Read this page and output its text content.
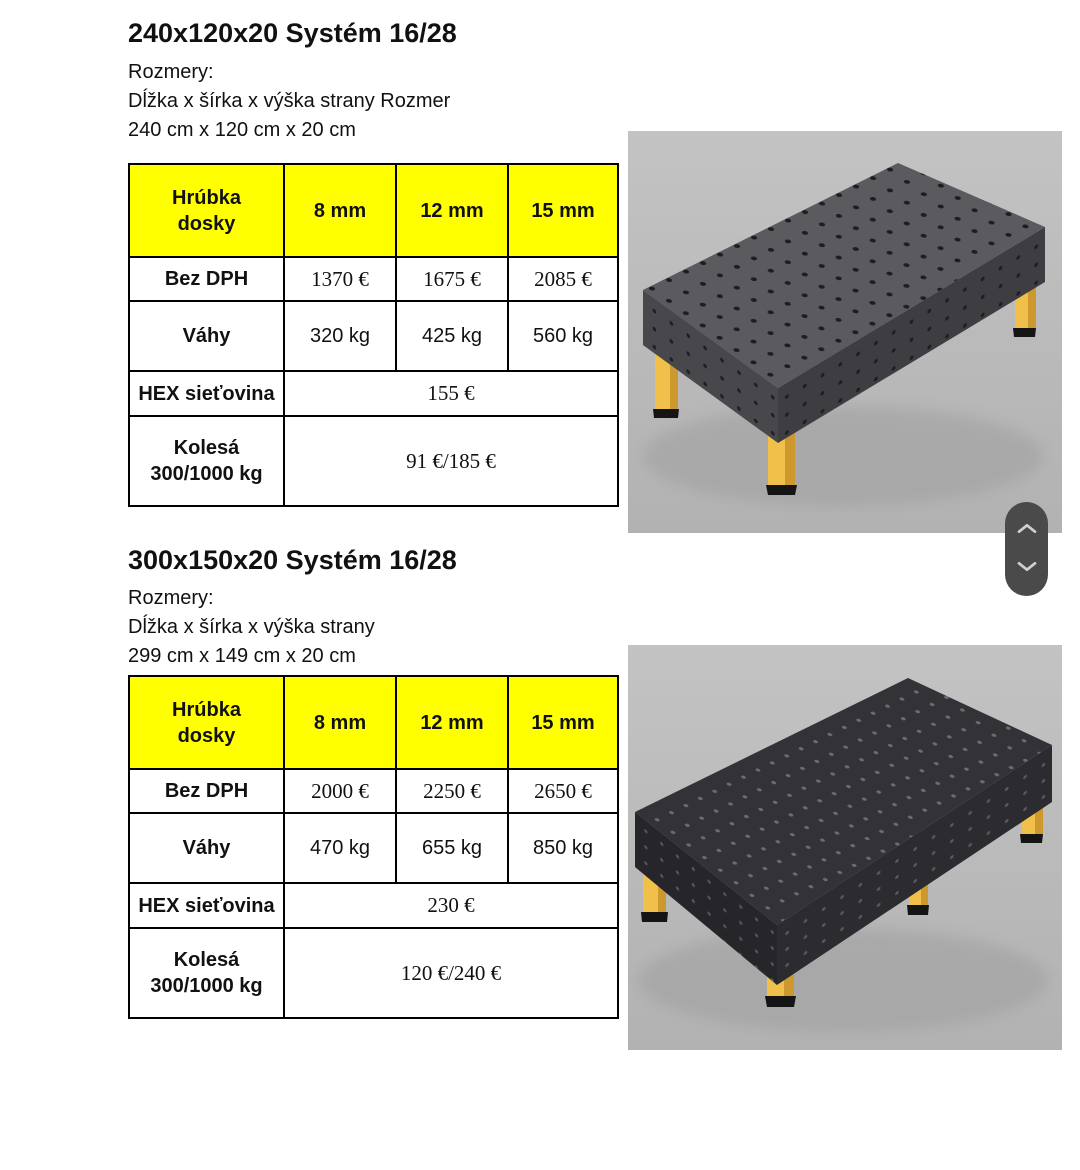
240x120x20 Systém 16/28
Rozmery:
Dĺžka x šírka x výška strany Rozmer
240 cm x 120 cm x 20 cm
Hrúbka
dosky	8 mm	12 mm	15 mm
Bez DPH	1370 €	1675 €	2085 €
Váhy	320 kg	425 kg	560 kg
HEX sieťovina	155 €		

Kolesá
300/1000 kg	91 €/185 €		
300x150x20 Systém 16/28
Rozmery:
Dĺžka x šírka x výška strany
299 cm x 149 cm x 20 cm
Hrúbka
dosky	8 mm	12 mm	15 mm
Bez DPH	2000 €	2250 €	2650 €
Váhy	470 kg	655 kg	850 kg
HEX sieťovina	230 €		

Kolesá
300/1000 kg	120 €/240 €		
